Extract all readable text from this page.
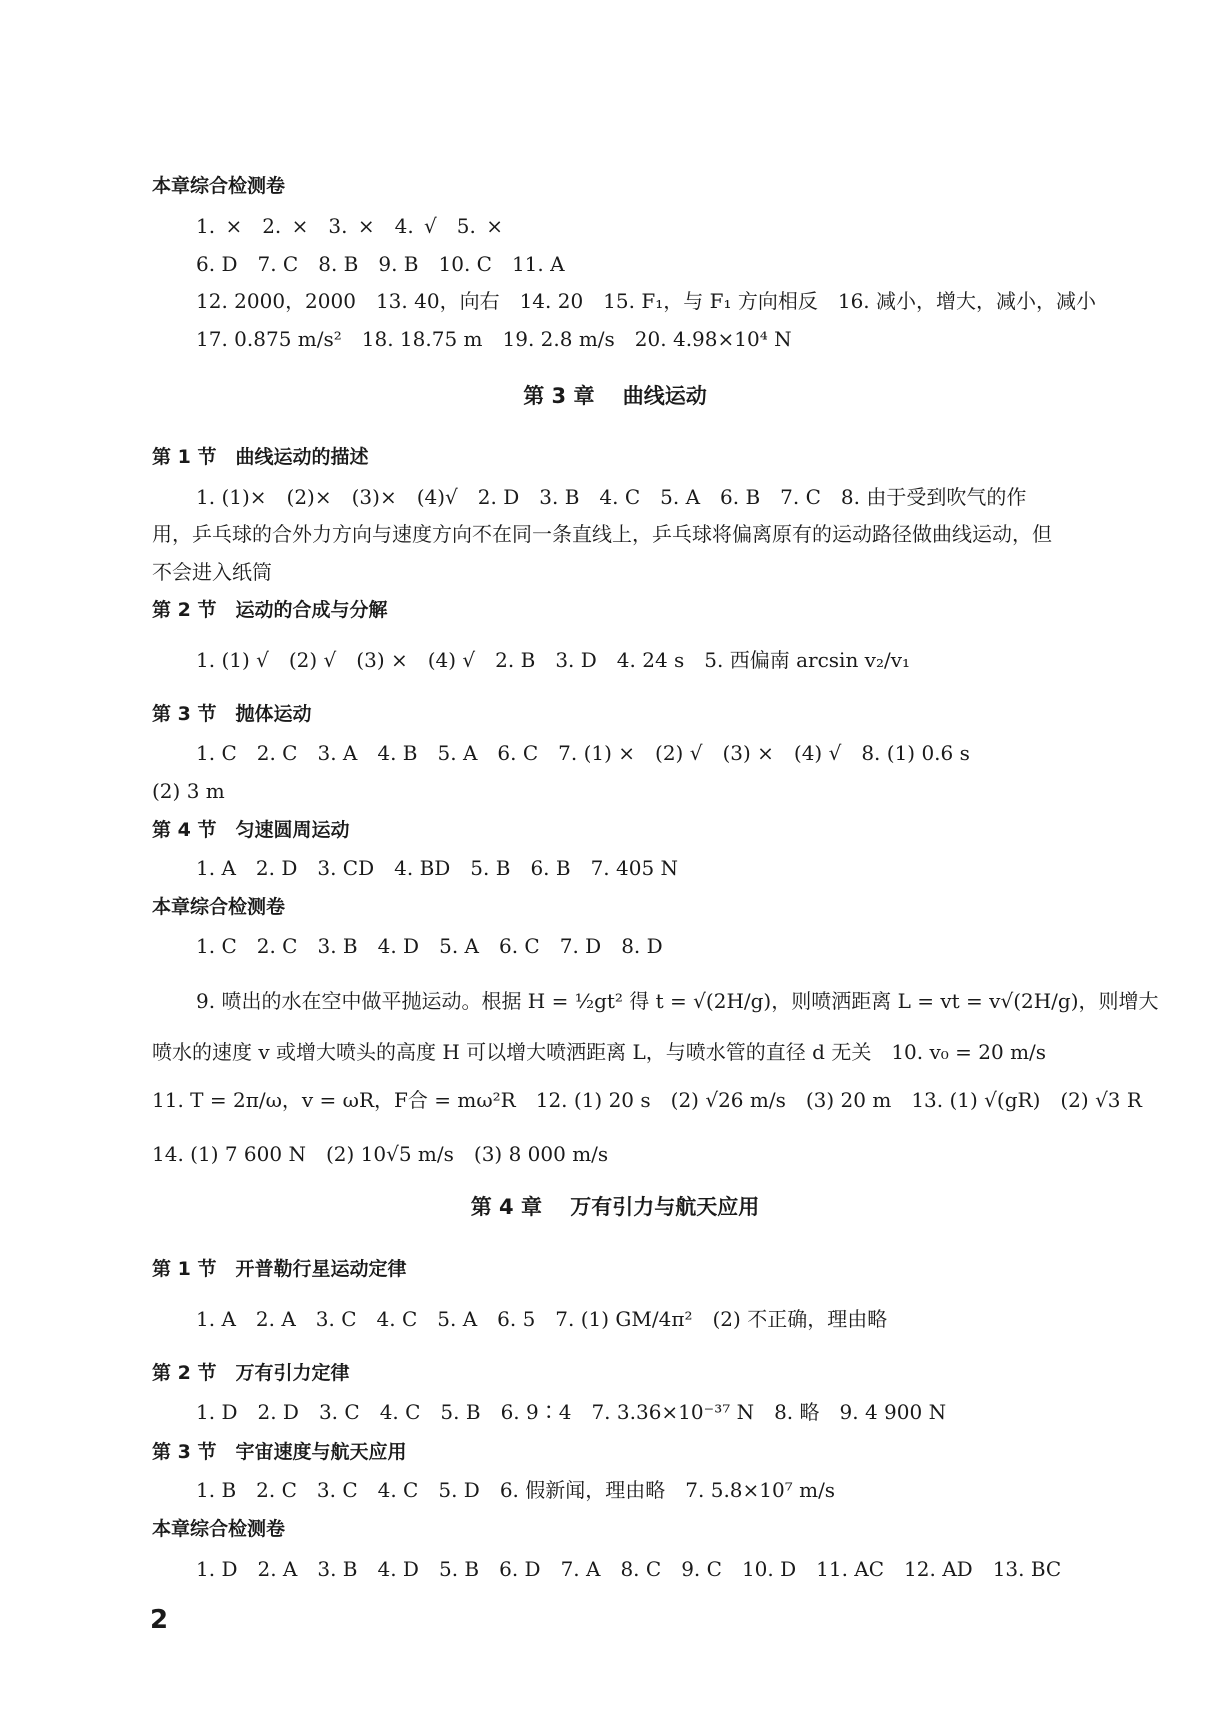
本章综合检测卷
1. ×　2. ×　3. ×　4. √　5. ×
6. D　7. C　8. B　9. B　10. C　11. A
12. 2000，2000　13. 40，向右　14. 20　15. F₁，与 F₁ 方向相反　16. 减小，增大，减小，减小
17. 0.875 m/s²　18. 18.75 m　19. 2.8 m/s　20. 4.98×10⁴ N
第 3 章　 曲线运动
第 1 节　曲线运动的描述
1. (1)×　(2)×　(3)×　(4)√　2. D　3. B　4. C　5. A　6. B　7. C　8. 由于受到吹气的作
用，乒乓球的合外力方向与速度方向不在同一条直线上，乒乓球将偏离原有的运动路径做曲线运动，但
不会进入纸筒
第 2 节　运动的合成与分解
1. (1) √　(2) √　(3) ×　(4) √　2. B　3. D　4. 24 s　5. 西偏南 arcsin v₂/v₁
第 3 节　抛体运动
1. C　2. C　3. A　4. B　5. A　6. C　7. (1) ×　(2) √　(3) ×　(4) √　8. (1) 0.6 s
(2) 3 m
第 4 节　匀速圆周运动
1. A　2. D　3. CD　4. BD　5. B　6. B　7. 405 N
本章综合检测卷
1. C　2. C　3. B　4. D　5. A　6. C　7. D　8. D
9. 喷出的水在空中做平抛运动。根据 H = ½gt² 得 t = √(2H/g)，则喷洒距离 L = vt = v√(2H/g)，则增大
喷水的速度 v 或增大喷头的高度 H 可以增大喷洒距离 L，与喷水管的直径 d 无关　10. v₀ = 20 m/s
11. T = 2π/ω，v = ωR，F合 = mω²R　12. (1) 20 s　(2) √26 m/s　(3) 20 m　13. (1) √(gR)　(2) √3 R
14. (1) 7 600 N　(2) 10√5 m/s　(3) 8 000 m/s
第 4 章　 万有引力与航天应用
第 1 节　开普勒行星运动定律
1. A　2. A　3. C　4. C　5. A　6. 5　7. (1) GM/4π²　(2) 不正确，理由略
第 2 节　万有引力定律
1. D　2. D　3. C　4. C　5. B　6. 9∶4　7. 3.36×10⁻³⁷ N　8. 略　9. 4 900 N
第 3 节　宇宙速度与航天应用
1. B　2. C　3. C　4. C　5. D　6. 假新闻，理由略　7. 5.8×10⁷ m/s
本章综合检测卷
1. D　2. A　3. B　4. D　5. B　6. D　7. A　8. C　9. C　10. D　11. AC　12. AD　13. BC
2
